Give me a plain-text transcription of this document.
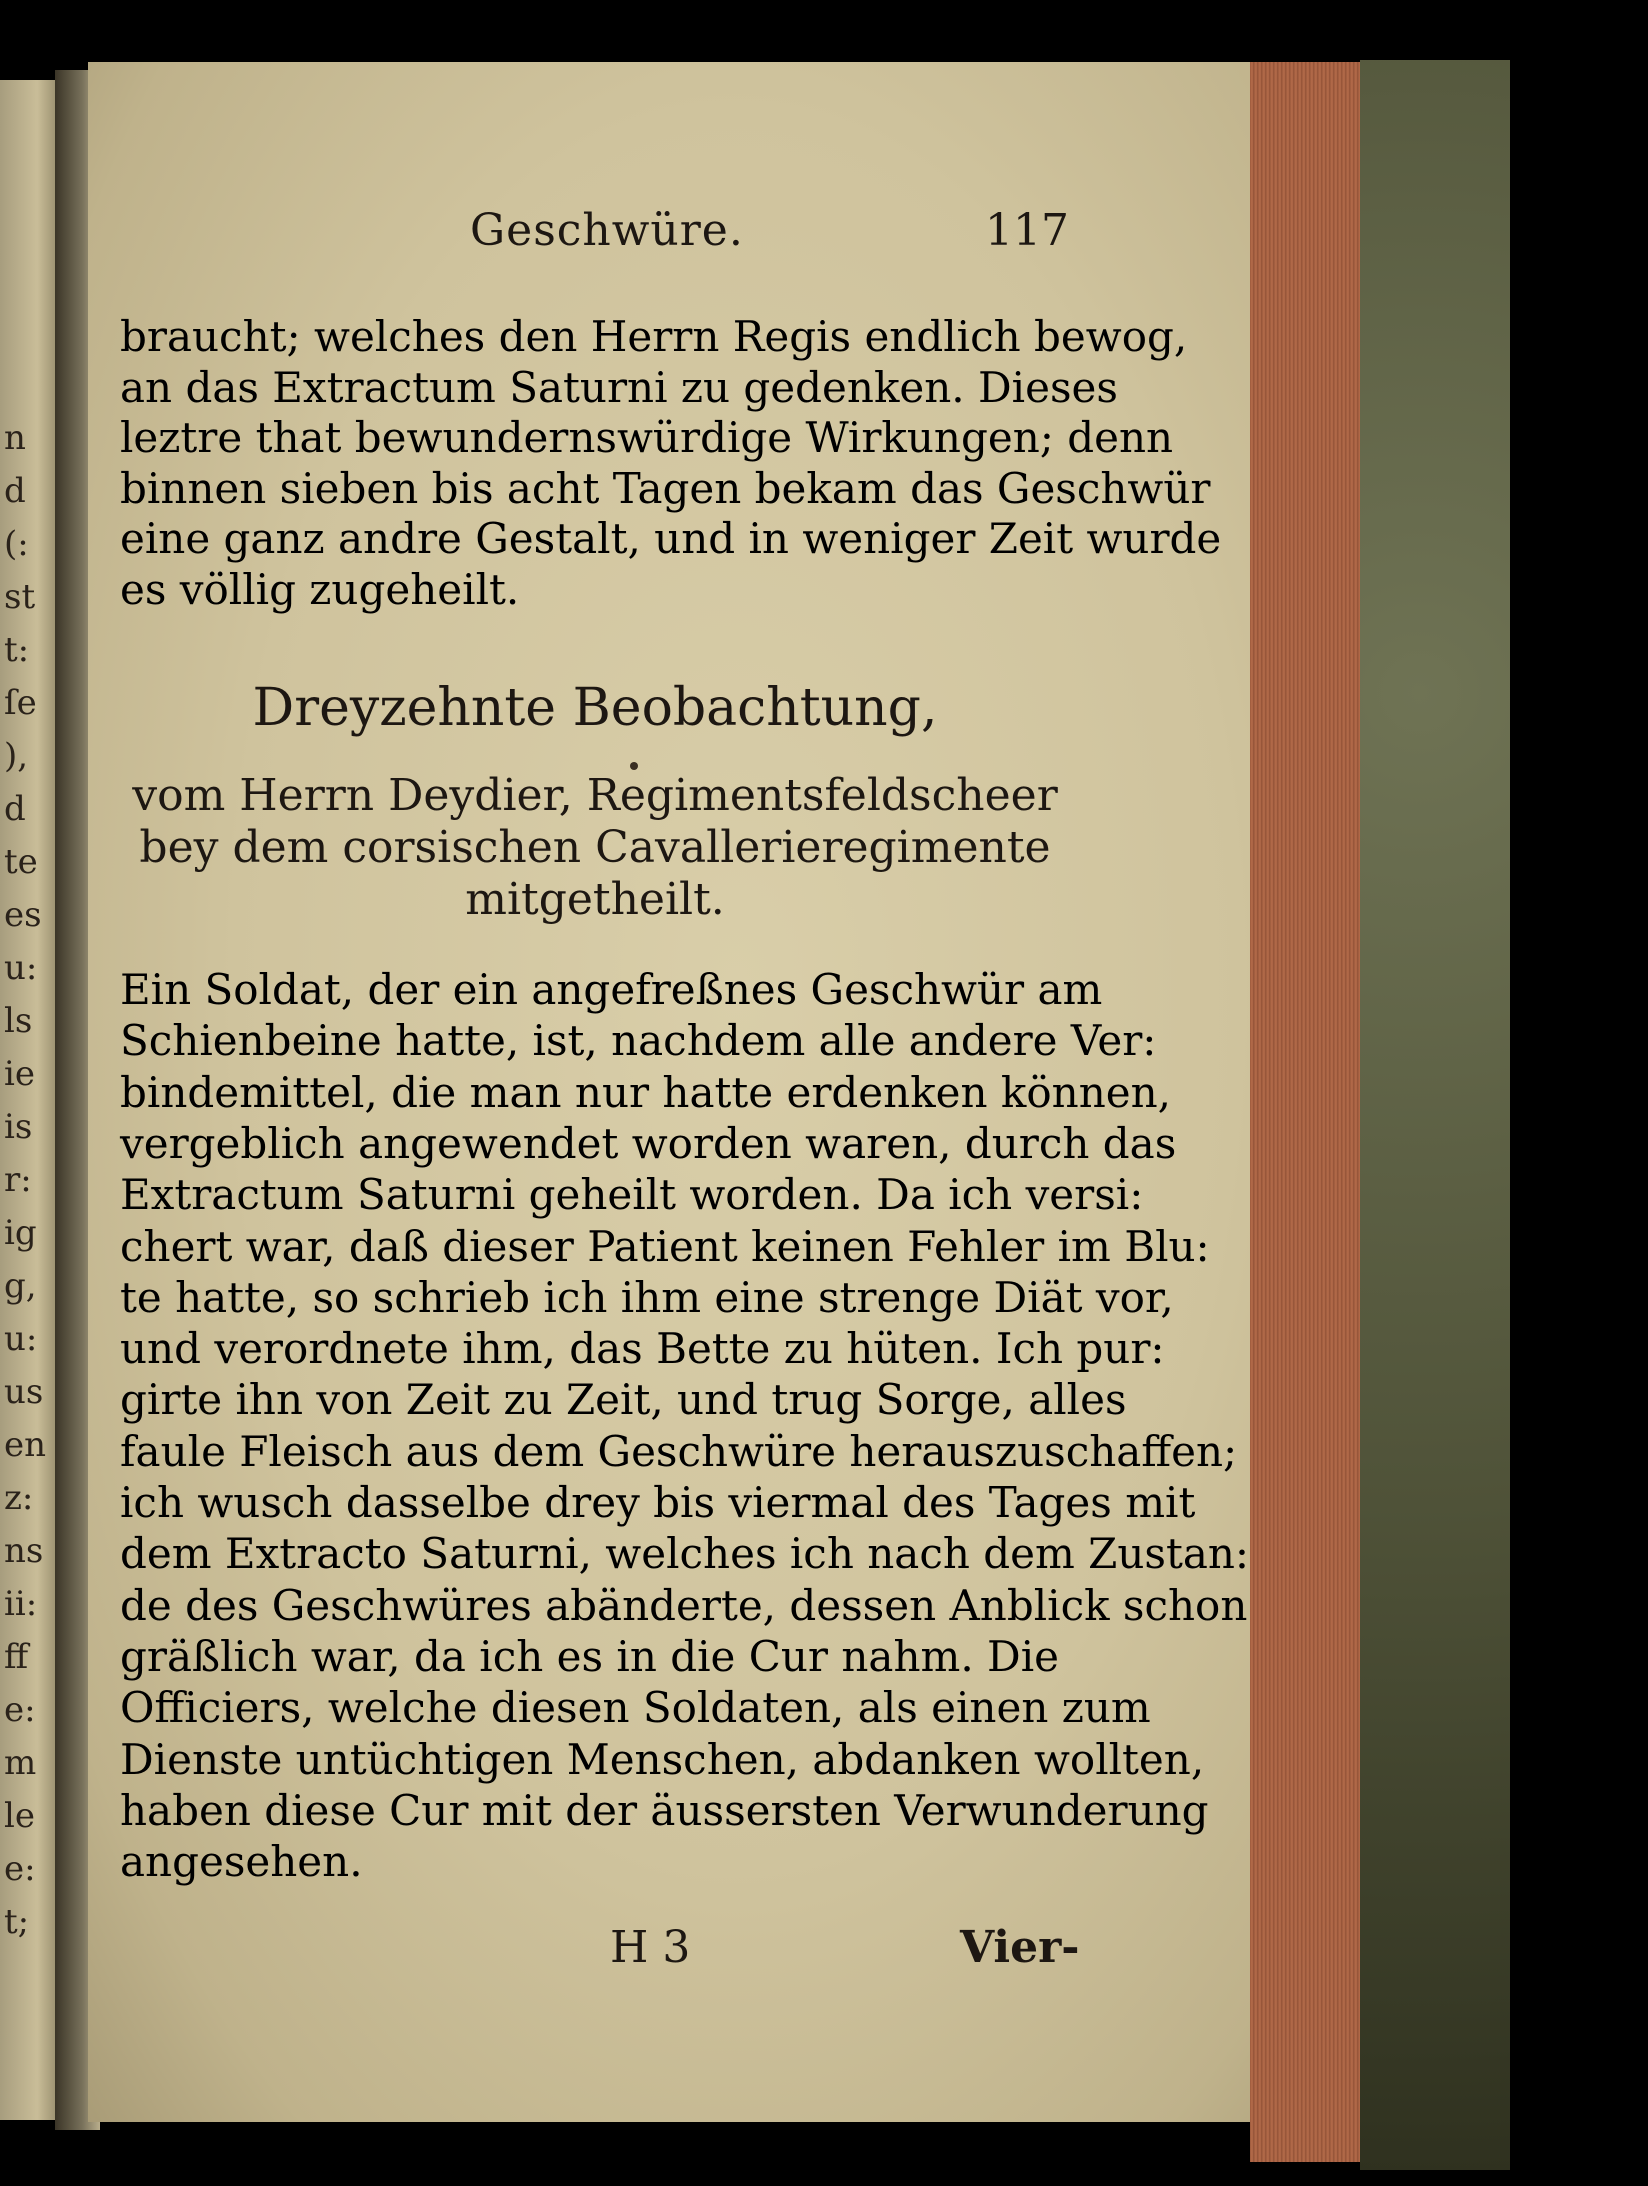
n
d
(:
st
t:
ſe
),
d
te
es
u:
ls
ie
is
r:
ig
g,
u:
us
en
z:
ns
ii:
ff
e:
m
le
e:
t;
Geschwüre.	117
braucht; welches den Herrn Regis endlich bewog,
an das Extractum Saturni zu gedenken. Dieses
leztre that bewundernswürdige Wirkungen; denn
binnen sieben bis acht Tagen bekam das Geschwür
eine ganz andre Gestalt, und in weniger Zeit wurde
es völlig zugeheilt.
Dreyzehnte Beobachtung,
vom Herrn Deydier, Regimentsfeldscheer
bey dem corsischen Cavallerieregimente
mitgetheilt.
Ein Soldat, der ein angefreßnes Geschwür am
Schienbeine hatte, ist, nachdem alle andere Ver:
bindemittel, die man nur hatte erdenken können,
vergeblich angewendet worden waren, durch das
Extractum Saturni geheilt worden. Da ich versi:
chert war, daß dieser Patient keinen Fehler im Blu:
te hatte, so schrieb ich ihm eine strenge Diät vor,
und verordnete ihm, das Bette zu hüten. Ich pur:
girte ihn von Zeit zu Zeit, und trug Sorge, alles
faule Fleisch aus dem Geschwüre herauszuschaffen;
ich wusch dasselbe drey bis viermal des Tages mit
dem Extracto Saturni, welches ich nach dem Zustan:
de des Geschwüres abänderte, dessen Anblick schon
gräßlich war, da ich es in die Cur nahm. Die
Officiers, welche diesen Soldaten, als einen zum
Dienste untüchtigen Menschen, abdanken wollten,
haben diese Cur mit der äussersten Verwunderung
angesehen.
H 3	Vier-
